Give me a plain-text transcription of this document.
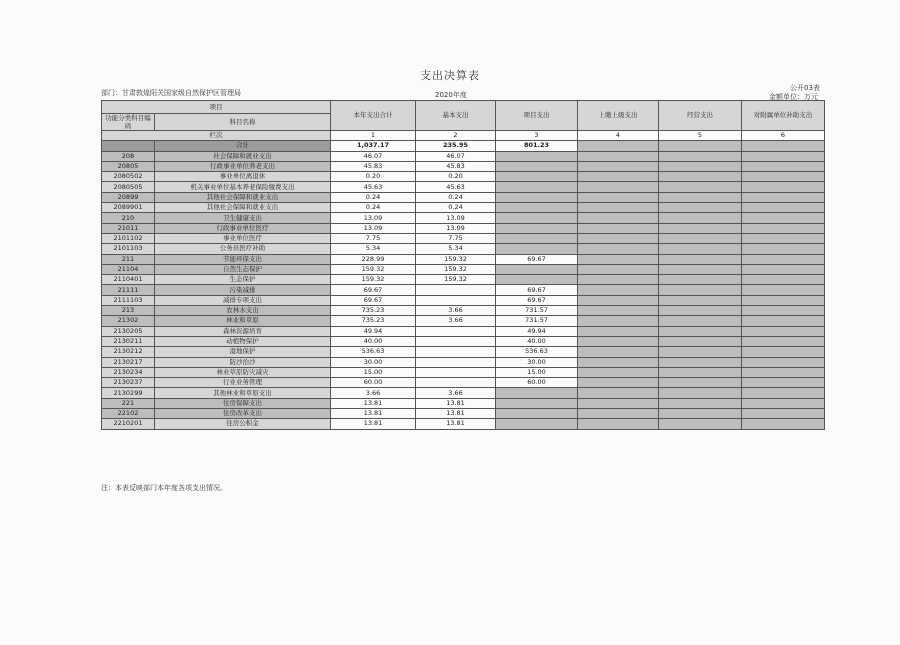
支出决算表
部门：甘肃敦煌阳关国家级自然保护区管理局	2020年度
公开03表
金额单位：万元
项目		本年支出合计	基本支出	项目支出	上缴上级支出	经营支出	对附属单位补助支出
功能分类科目编码	科目名称						

栏次		1	2	3	4	5	6
	合计	1,037.17	235.95	801.23			
208	社会保障和就业支出	46.07	46.07				
20805	行政事业单位养老支出	45.83	45.83				
2080502	事业单位离退休	0.20	0.20				
2080505	机关事业单位基本养老保险缴费支出	45.63	45.63				
20899	其他社会保障和就业支出	0.24	0.24				
2089901	其他社会保障和就业支出	0.24	0.24				
210	卫生健康支出	13.09	13.09				
21011	行政事业单位医疗	13.09	13.09				
2101102	事业单位医疗	7.75	7.75				
2101103	公务员医疗补助	5.34	5.34				
211	节能环保支出	228.99	159.32	69.67			
21104	自然生态保护	159.32	159.32				
2110401	生态保护	159.32	159.32				
21111	污染减排	69.67		69.67			
2111103	减排专项支出	69.67		69.67			
213	农林水支出	735.23	3.66	731.57			
21302	林业和草原	735.23	3.66	731.57			
2130205	森林资源培育	49.94		49.94			
2130211	动植物保护	40.00		40.00			
2130212	湿地保护	536.63		536.63			
2130217	防沙治沙	30.00		30.00			
2130234	林业草原防灾减灾	15.00		15.00			
2130237	行业业务管理	60.00		60.00			
2130299	其他林业和草原支出	3.66	3.66				
221	住房保障支出	13.81	13.81				
22102	住房改革支出	13.81	13.81				
2210201	住房公积金	13.81	13.81				
注：本表反映部门本年度各项支出情况。
